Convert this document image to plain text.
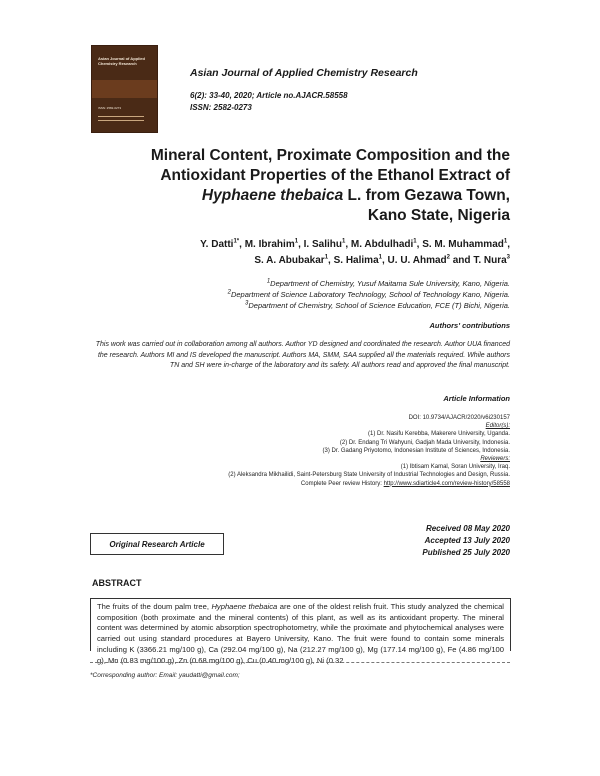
Asian Journal of Applied Chemistry Research
ISSN: 2582-0273
Asian Journal of Applied Chemistry Research
6(2): 33-40, 2020; Article no.AJACR.58558
ISSN: 2582-0273
Mineral Content, Proximate Composition and the
Antioxidant Properties of the Ethanol Extract of
Hyphaene thebaica L. from Gezawa Town,
Kano State, Nigeria
Y. Datti$^{1*}$, M. Ibrahim$^1$, I. Salihu$^1$, M. Abdulhadi$^1$, S. M. Muhammad$^1$,
S. A. Abubakar$^1$, S. Halima$^1$, U. U. Ahmad$^2$ and T. Nura$^3$
$^1$Department of Chemistry, Yusuf Maitama Sule University, Kano, Nigeria.
$^2$Department of Science Laboratory Technology, School of Technology Kano, Nigeria.
$^3$Department of Chemistry, School of Science Education, FCE (T) Bichi, Nigeria.
Authors' contributions
This work was carried out in collaboration among all authors. Author YD designed and coordinated the research. Author UUA financed the research. Authors MI and IS developed the manuscript. Authors MA, SMM, SAA supplied all the materials required. While authors TN and SH were in-charge of the laboratory and its safety. All authors read and approved the final manuscript.
Article Information
DOI: 10.9734/AJACR/2020/v6i230157
Editor(s):
(1) Dr. Nasifu Kerebba, Makerere University, Uganda.
(2) Dr. Endang Tri Wahyuni, Gadjah Mada University, Indonesia.
(3) Dr. Gadang Priyotomo, Indonesian Institute of Sciences, Indonesia.
Reviewers:
(1) Ibtisam Kamal, Soran University, Iraq.
(2) Aleksandra Mikhailidi, Saint-Petersburg State University of Industrial Technologies and Design, Russia.
Complete Peer review History: http://www.sdiarticle4.com/review-history/58558
Original Research Article
Received 08 May 2020
Accepted 13 July 2020
Published 25 July 2020
ABSTRACT
The fruits of the doum palm tree, Hyphaene thebaica are one of the oldest relish fruit. This study analyzed the chemical composition (both proximate and the mineral contents) of this plant, as well as its antioxidant property. The mineral content was determined by atomic absorption spectrophotometry, while the proximate and phytochemical analyses were carried out using standard procedures at Bayero University, Kano. The fruit were found to contain some minerals including K (3366.21 mg/100 g), Ca (292.04 mg/100 g), Na (212.27 mg/100 g), Mg (177.14 mg/100 g), Fe (4.86 mg/100 g), Mn (0.83 mg/100 g), Zn (0.68 mg/100 g), Cu (0.40 mg/100 g), Ni (0.32
*Corresponding author: Email: yaudatti@gmail.com;
